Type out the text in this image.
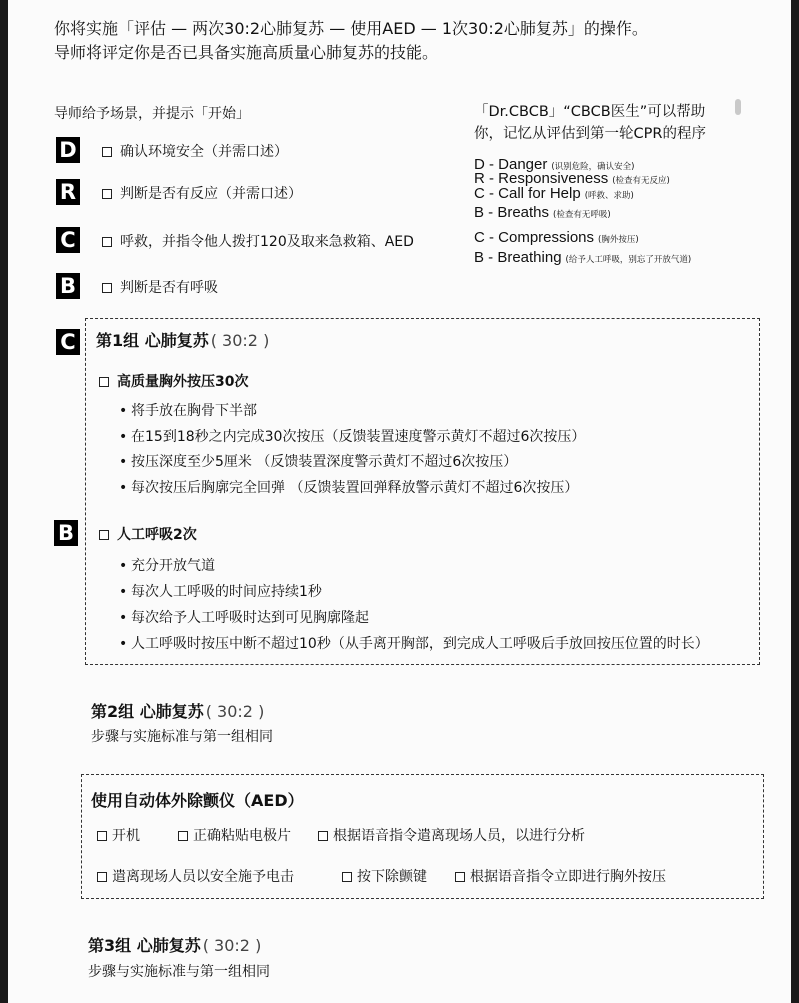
你将实施「评估 — 两次30:2心肺复苏 — 使用AED — 1次30:2心肺复苏」的操作。
导师将评定你是否已具备实施高质量心肺复苏的技能。
导师给予场景，并提示「开始」
D	确认环境安全（并需口述）
R	判断是否有反应（并需口述）
C	呼救，并指令他人拨打120及取来急救箱、AED
B	判断是否有呼吸
「Dr.CBCB」“CBCB医生”可以帮助
你，记忆从评估到第一轮CPR的程序
D - Danger (识别危险，确认安全)
R - Responsiveness (检查有无反应)
C - Call for Help (呼救、求助)
B - Breaths (检查有无呼吸)
C - Compressions (胸外按压)
B - Breathing (给予人工呼吸，别忘了开放气道)
C
B
第1组 心肺复苏 ( 30:2 )
高质量胸外按压30次
• 将手放在胸骨下半部
• 在15到18秒之内完成30次按压（反馈装置速度警示黄灯不超过6次按压）
• 按压深度至少5厘米 （反馈装置深度警示黄灯不超过6次按压）
• 每次按压后胸廓完全回弹 （反馈装置回弹释放警示黄灯不超过6次按压）
人工呼吸2次
• 充分开放气道
• 每次人工呼吸的时间应持续1秒
• 每次给予人工呼吸时达到可见胸廓隆起
• 人工呼吸时按压中断不超过10秒（从手离开胸部，到完成人工呼吸后手放回按压位置的时长）
第2组 心肺复苏 ( 30:2 )
步骤与实施标准与第一组相同
使用自动体外除颤仪（AED）
开机	正确粘贴电极片	根据语音指令遣离现场人员，以进行分析
遣离现场人员以安全施予电击	按下除颤键	根据语音指令立即进行胸外按压
第3组 心肺复苏 ( 30:2 )
步骤与实施标准与第一组相同
